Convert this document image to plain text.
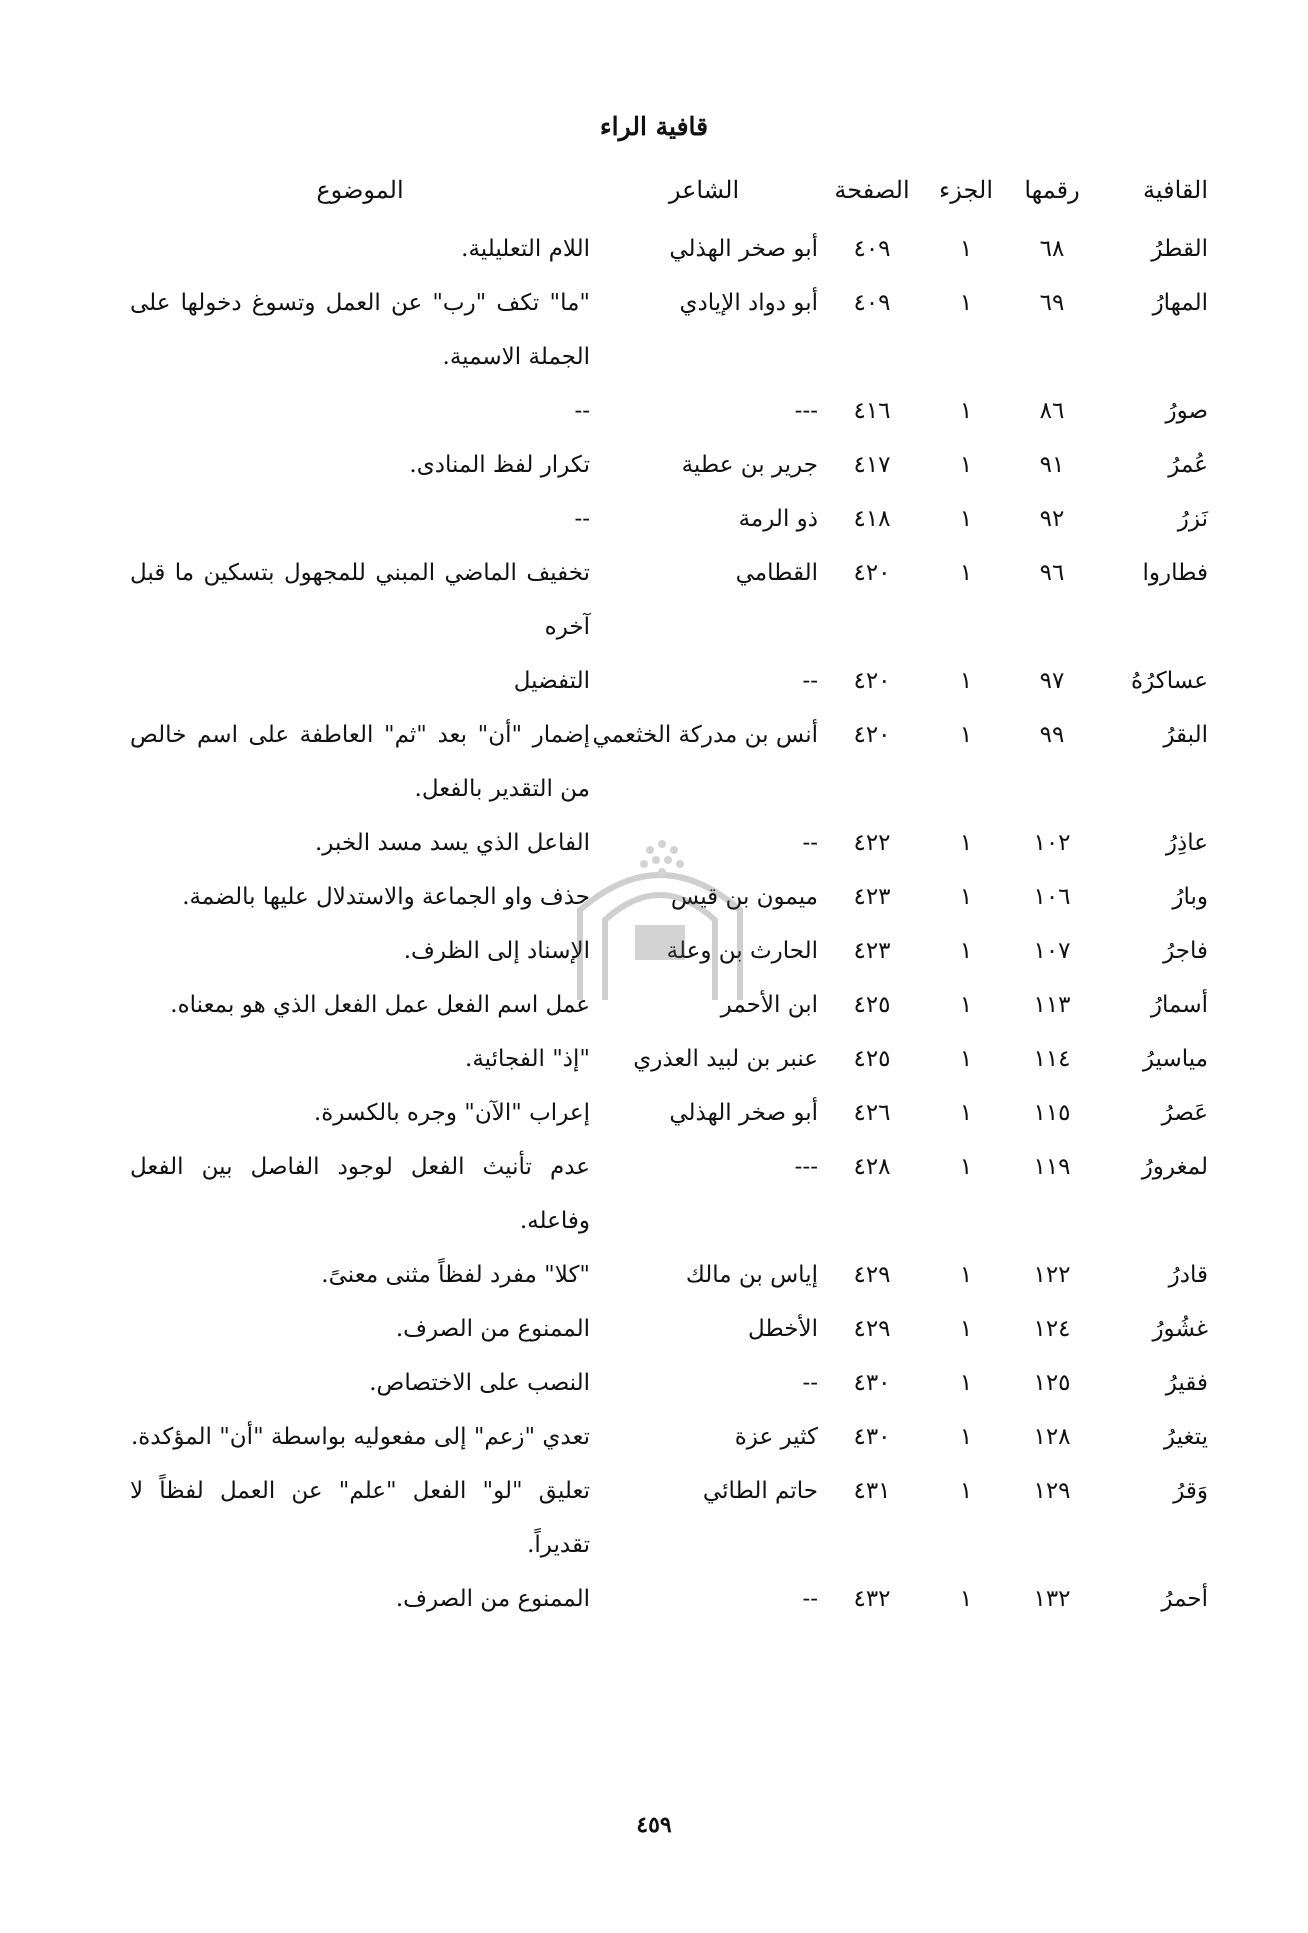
قافية الراء
القافية	رقمها	الجزء	الصفحة	الشاعر	الموضوع
القطرُ	٦٨	١	٤٠٩	أبو صخر الهذلي	اللام التعليلية.
المهارُ	٦٩	١	٤٠٩	أبو دواد الإيادي	"ما" تكف "رب" عن العمل وتسوغ دخولها على الجملة الاسمية.
صورُ	٨٦	١	٤١٦	---	--
عُمرُ	٩١	١	٤١٧	جرير بن عطية	تكرار لفظ المنادى.
نَزرُ	٩٢	١	٤١٨	ذو الرمة	--
فطاروا	٩٦	١	٤٢٠	القطامي	تخفيف الماضي المبني للمجهول بتسكين ما قبل آخره
عساكرُهُ	٩٧	١	٤٢٠	--	التفضيل
البقرُ	٩٩	١	٤٢٠	أنس بن مدركة الخثعمي	إضمار "أن" بعد "ثم" العاطفة على اسم خالص من التقدير بالفعل.
عاذِرُ	١٠٢	١	٤٢٢	--	الفاعل الذي يسد مسد الخبر.
وبارُ	١٠٦	١	٤٢٣	ميمون بن قيس	حذف واو الجماعة والاستدلال عليها بالضمة.
فاجرُ	١٠٧	١	٤٢٣	الحارث بن وعلة	الإسناد إلى الظرف.
أسمارُ	١١٣	١	٤٢٥	ابن الأحمر	عمل اسم الفعل عمل الفعل الذي هو بمعناه.
مياسيرُ	١١٤	١	٤٢٥	عنبر بن لبيد العذري	"إذ" الفجائية.
عَصرُ	١١٥	١	٤٢٦	أبو صخر الهذلي	إعراب "الآن" وجره بالكسرة.
لمغرورُ	١١٩	١	٤٢٨	---	عدم تأنيث الفعل لوجود الفاصل بين الفعل وفاعله.
قادرُ	١٢٢	١	٤٢٩	إياس بن مالك	"كلا" مفرد لفظاً مثنى معنىً.
غشُورُ	١٢٤	١	٤٢٩	الأخطل	الممنوع من الصرف.
فقيرُ	١٢٥	١	٤٣٠	--	النصب على الاختصاص.
يتغيرُ	١٢٨	١	٤٣٠	كثير عزة	تعدي "زعم" إلى مفعوليه بواسطة "أن" المؤكدة.
وَقرُ	١٢٩	١	٤٣١	حاتم الطائي	تعليق "لو" الفعل "علم" عن العمل لفظاً لا تقديراً.
أحمرُ	١٣٢	١	٤٣٢	--	الممنوع من الصرف.
٤٥٩
